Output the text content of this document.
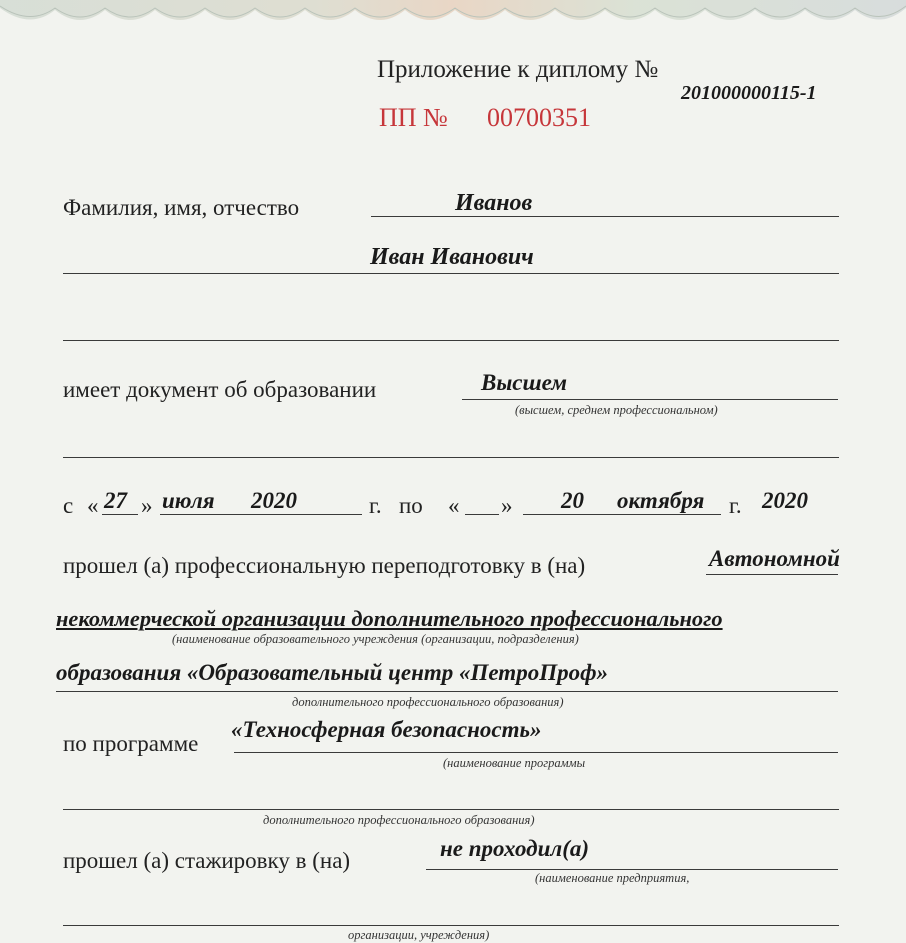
Приложение к диплому №
201000000115-1
ПП № 00700351
Фамилия, имя, отчество	Иванов
Иван Иванович
имеет документ об образовании	Высшем
(высшем, среднем профессиональном)
с « 27 » июля 2020	г. по « » 20 октября г. 2020
прошел (а) профессиональную переподготовку в (на)	Автономной
некоммерческой организации дополнительного профессионального
(наименование образовательного учреждения (организации, подразделения)
образования «Образовательный центр «ПетроПроф»
дополнительного профессионального образования)
по программе
«Техносферная безопасность»
(наименование программы
дополнительного профессионального образования)
прошел (а) стажировку в (на)	не проходил(а)
(наименование предприятия,
организации, учреждения)
